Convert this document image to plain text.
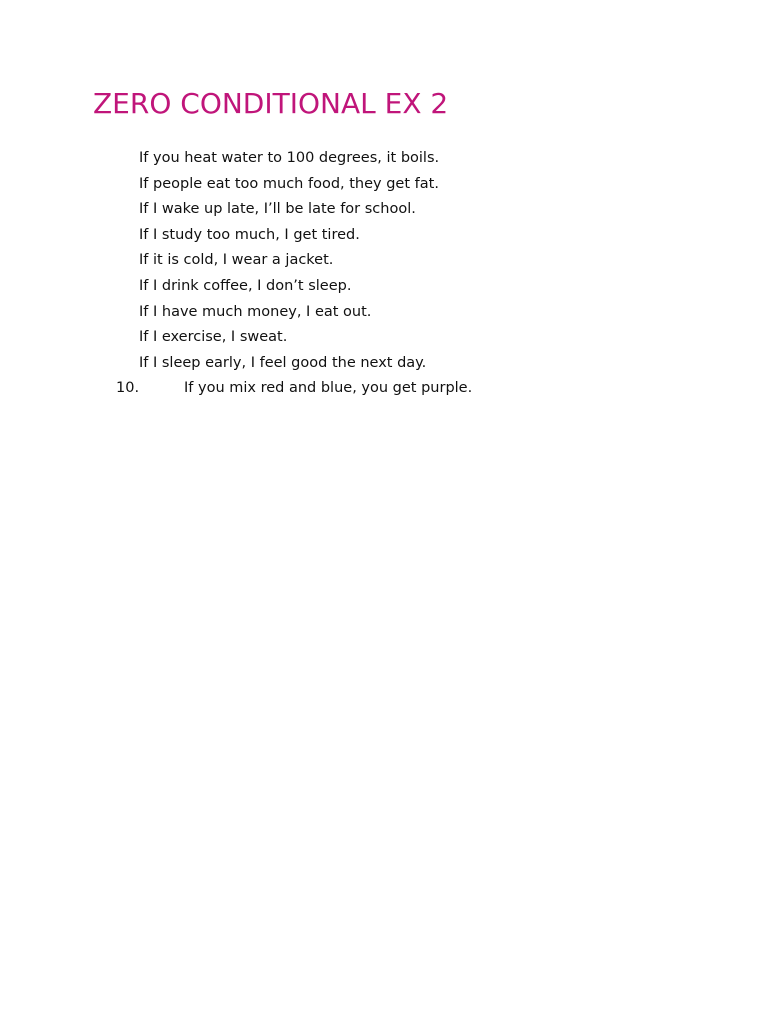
ZERO CONDITIONAL EX 2
If you heat water to 100 degrees, it boils.
If people eat too much food, they get fat.
If I wake up late, I’ll be late for school.
If I study too much, I get tired.
If it is cold, I wear a jacket.
If I drink coffee, I don’t sleep.
If I have much money, I eat out.
If I exercise, I sweat.
If I sleep early, I feel good the next day.
10.	If you mix red and blue, you get purple.
